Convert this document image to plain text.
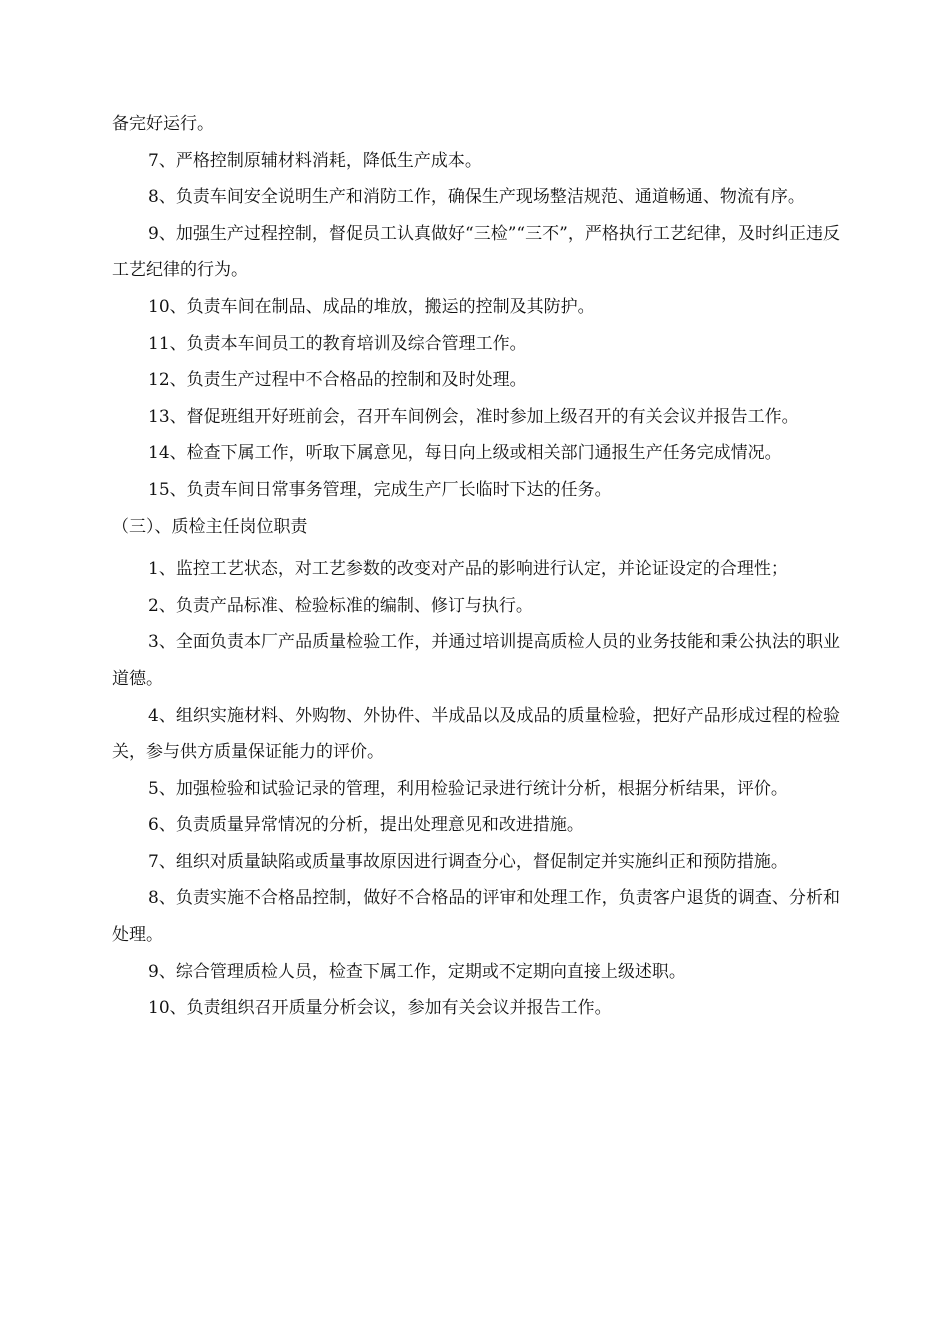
备完好运行。

7、严格控制原辅材料消耗，降低生产成本。

8、负责车间安全说明生产和消防工作，确保生产现场整洁规范、通道畅通、物流有序。

9、加强生产过程控制，督促员工认真做好“三检”“三不”，严格执行工艺纪律，及时纠正违反工艺纪律的行为。

10、负责车间在制品、成品的堆放，搬运的控制及其防护。

11、负责本车间员工的教育培训及综合管理工作。

12、负责生产过程中不合格品的控制和及时处理。

13、督促班组开好班前会，召开车间例会，准时参加上级召开的有关会议并报告工作。

14、检查下属工作，听取下属意见，每日向上级或相关部门通报生产任务完成情况。

15、负责车间日常事务管理，完成生产厂长临时下达的任务。

（三）、质检主任岗位职责

1、监控工艺状态，对工艺参数的改变对产品的影响进行认定，并论证设定的合理性；

2、负责产品标准、检验标准的编制、修订与执行。

3、全面负责本厂产品质量检验工作，并通过培训提高质检人员的业务技能和秉公执法的职业道德。

4、组织实施材料、外购物、外协件、半成品以及成品的质量检验，把好产品形成过程的检验关，参与供方质量保证能力的评价。

5、加强检验和试验记录的管理，利用检验记录进行统计分析，根据分析结果，评价。

6、负责质量异常情况的分析，提出处理意见和改进措施。

7、组织对质量缺陷或质量事故原因进行调查分心，督促制定并实施纠正和预防措施。

8、负责实施不合格品控制，做好不合格品的评审和处理工作，负责客户退货的调查、分析和处理。

9、综合管理质检人员，检查下属工作，定期或不定期向直接上级述职。

10、负责组织召开质量分析会议，参加有关会议并报告工作。
